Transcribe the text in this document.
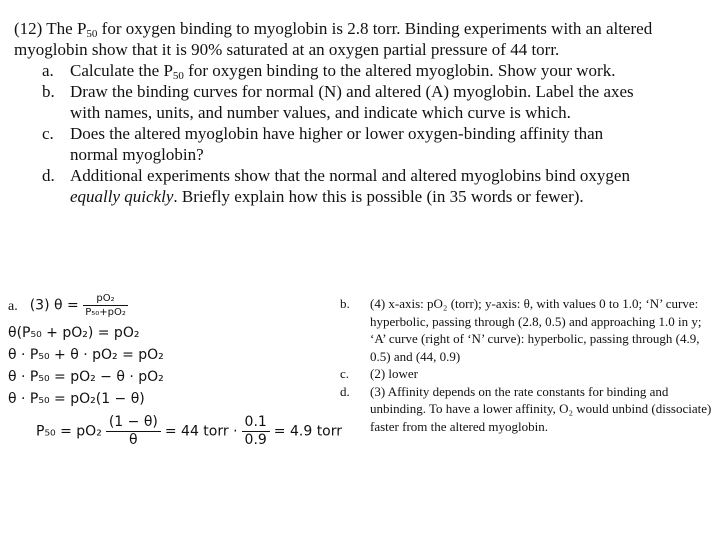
(12) The $P_{50}$ for oxygen binding to myoglobin is 2.8 torr. Binding experiments with an altered myoglobin show that it is 90% saturated at an oxygen partial pressure of 44 torr.

a. Calculate the $P_{50}$ for oxygen binding to the altered myoglobin. Show your work.
b. Draw the binding curves for normal (N) and altered (A) myoglobin. Label the axes with names, units, and number values, and indicate which curve is which.
c. Does the altered myoglobin have higher or lower oxygen-binding affinity than normal myoglobin?
d. Additional experiments show that the normal and altered myoglobins bind oxygen equally quickly. Briefly explain how this is possible (in 35 words or fewer).
a. (3) $\theta = \frac{\text{pO₂}}{\text{P₅₀+pO₂}}$
θ(P₅₀ + pO₂) = pO₂
θ · P₅₀ + θ · pO₂ = pO₂
θ · P₅₀ = pO₂ − θ · pO₂
θ · P₅₀ = pO₂(1 − θ)
$P_{50} = pO_2 \frac{(1 - \theta)}{\theta} = 44$ torr · $\frac{0.1}{0.9} = 4.9$ torr
b. (4) x-axis: pO₂ (torr); y-axis: θ, with values 0 to 1.0; ‘N’ curve: hyperbolic, passing through (2.8, 0.5) and approaching 1.0 in y; ‘A’ curve (right of ‘N’ curve): hyperbolic, passing through (4.9, 0.5) and (44, 0.9)
c. (2) lower
d. (3) Affinity depends on the rate constants for binding and unbinding. To have a lower affinity, O₂ would unbind (dissociate) faster from the altered myoglobin.
